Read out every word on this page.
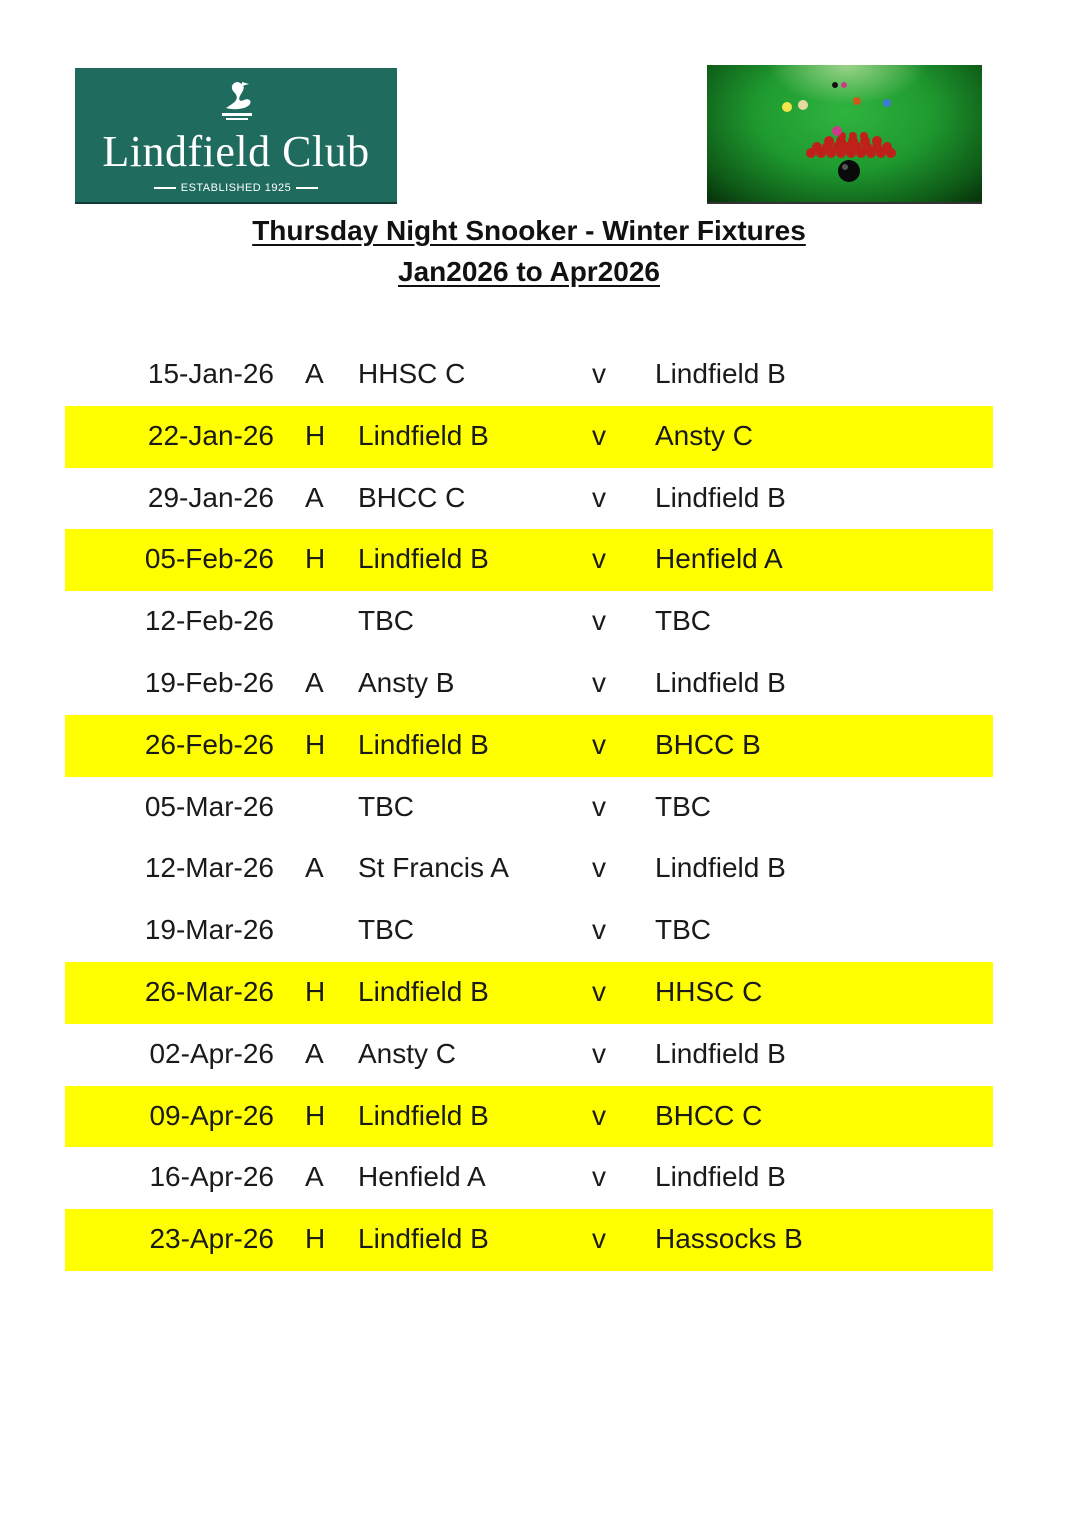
Lindfield Club
ESTABLISHED 1925
Thursday Night Snooker - Winter Fixtures
Jan2026 to Apr2026
15-Jan-26 A HHSC C	v Lindfield B
22-Jan-26 H Lindfield B	v Ansty C
29-Jan-26 A BHCC C	v Lindfield B
05-Feb-26 H Lindfield B	v Henfield A
12-Feb-26	TBC	v TBC
19-Feb-26 A Ansty B	v Lindfield B
26-Feb-26 H Lindfield B	v BHCC B
05-Mar-26	TBC	v TBC
12-Mar-26 A St Francis A	v Lindfield B
19-Mar-26	TBC	v TBC
26-Mar-26 H Lindfield B	v HHSC C
02-Apr-26 A Ansty C	v Lindfield B
09-Apr-26 H Lindfield B	v BHCC C
16-Apr-26 A Henfield A	v Lindfield B
23-Apr-26 H Lindfield B	v Hassocks B
